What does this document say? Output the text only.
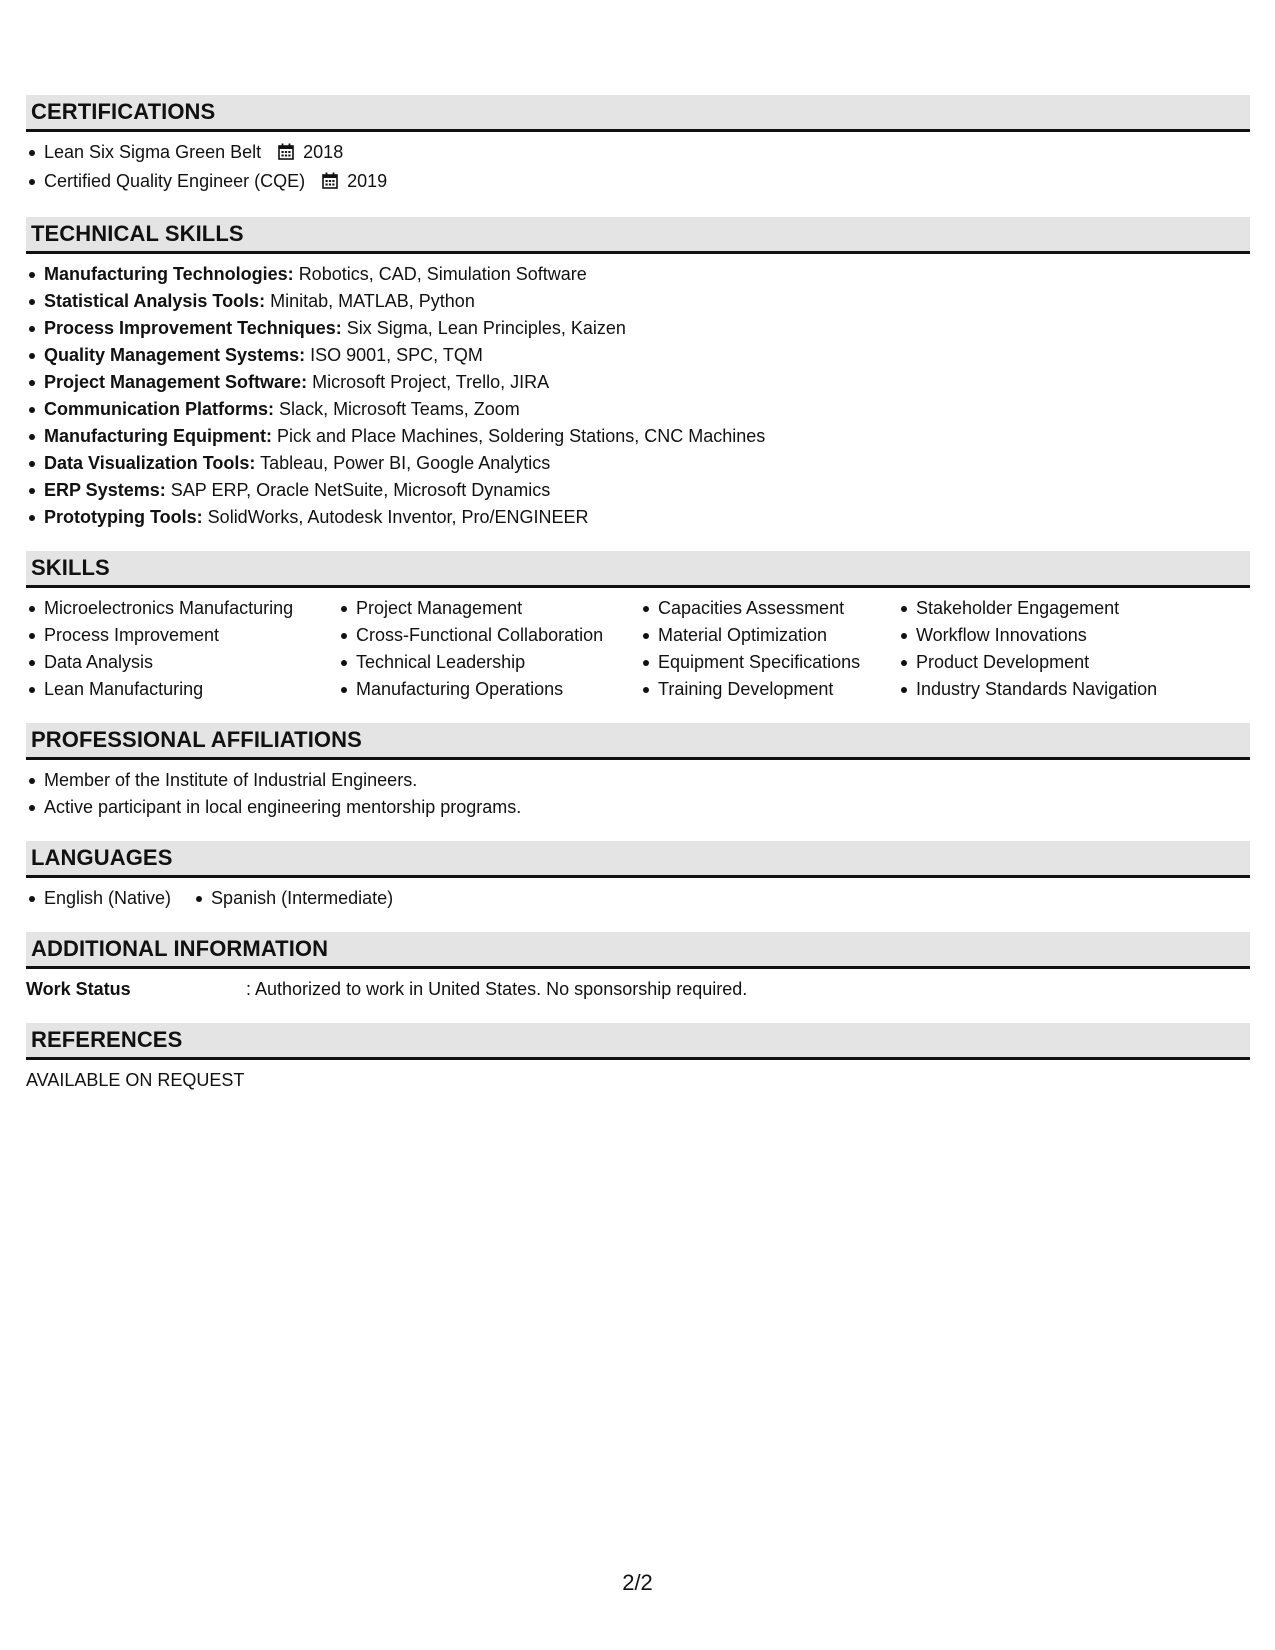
CERTIFICATIONS
Lean Six Sigma Green Belt 2018
Certified Quality Engineer (CQE) 2019
TECHNICAL SKILLS
Manufacturing Technologies: Robotics, CAD, Simulation Software
Statistical Analysis Tools: Minitab, MATLAB, Python
Process Improvement Techniques: Six Sigma, Lean Principles, Kaizen
Quality Management Systems: ISO 9001, SPC, TQM
Project Management Software: Microsoft Project, Trello, JIRA
Communication Platforms: Slack, Microsoft Teams, Zoom
Manufacturing Equipment: Pick and Place Machines, Soldering Stations, CNC Machines
Data Visualization Tools: Tableau, Power BI, Google Analytics
ERP Systems: SAP ERP, Oracle NetSuite, Microsoft Dynamics
Prototyping Tools: SolidWorks, Autodesk Inventor, Pro/ENGINEER
SKILLS
Microelectronics Manufacturing
Process Improvement
Data Analysis
Lean Manufacturing
Project Management
Cross-Functional Collaboration
Technical Leadership
Manufacturing Operations
Capacities Assessment
Material Optimization
Equipment Specifications
Training Development
Stakeholder Engagement
Workflow Innovations
Product Development
Industry Standards Navigation
PROFESSIONAL AFFILIATIONS
Member of the Institute of Industrial Engineers.
Active participant in local engineering mentorship programs.
LANGUAGES
English (Native)	Spanish (Intermediate)
ADDITIONAL INFORMATION
Work Status	: Authorized to work in United States. No sponsorship required.
REFERENCES
AVAILABLE ON REQUEST
2/2
